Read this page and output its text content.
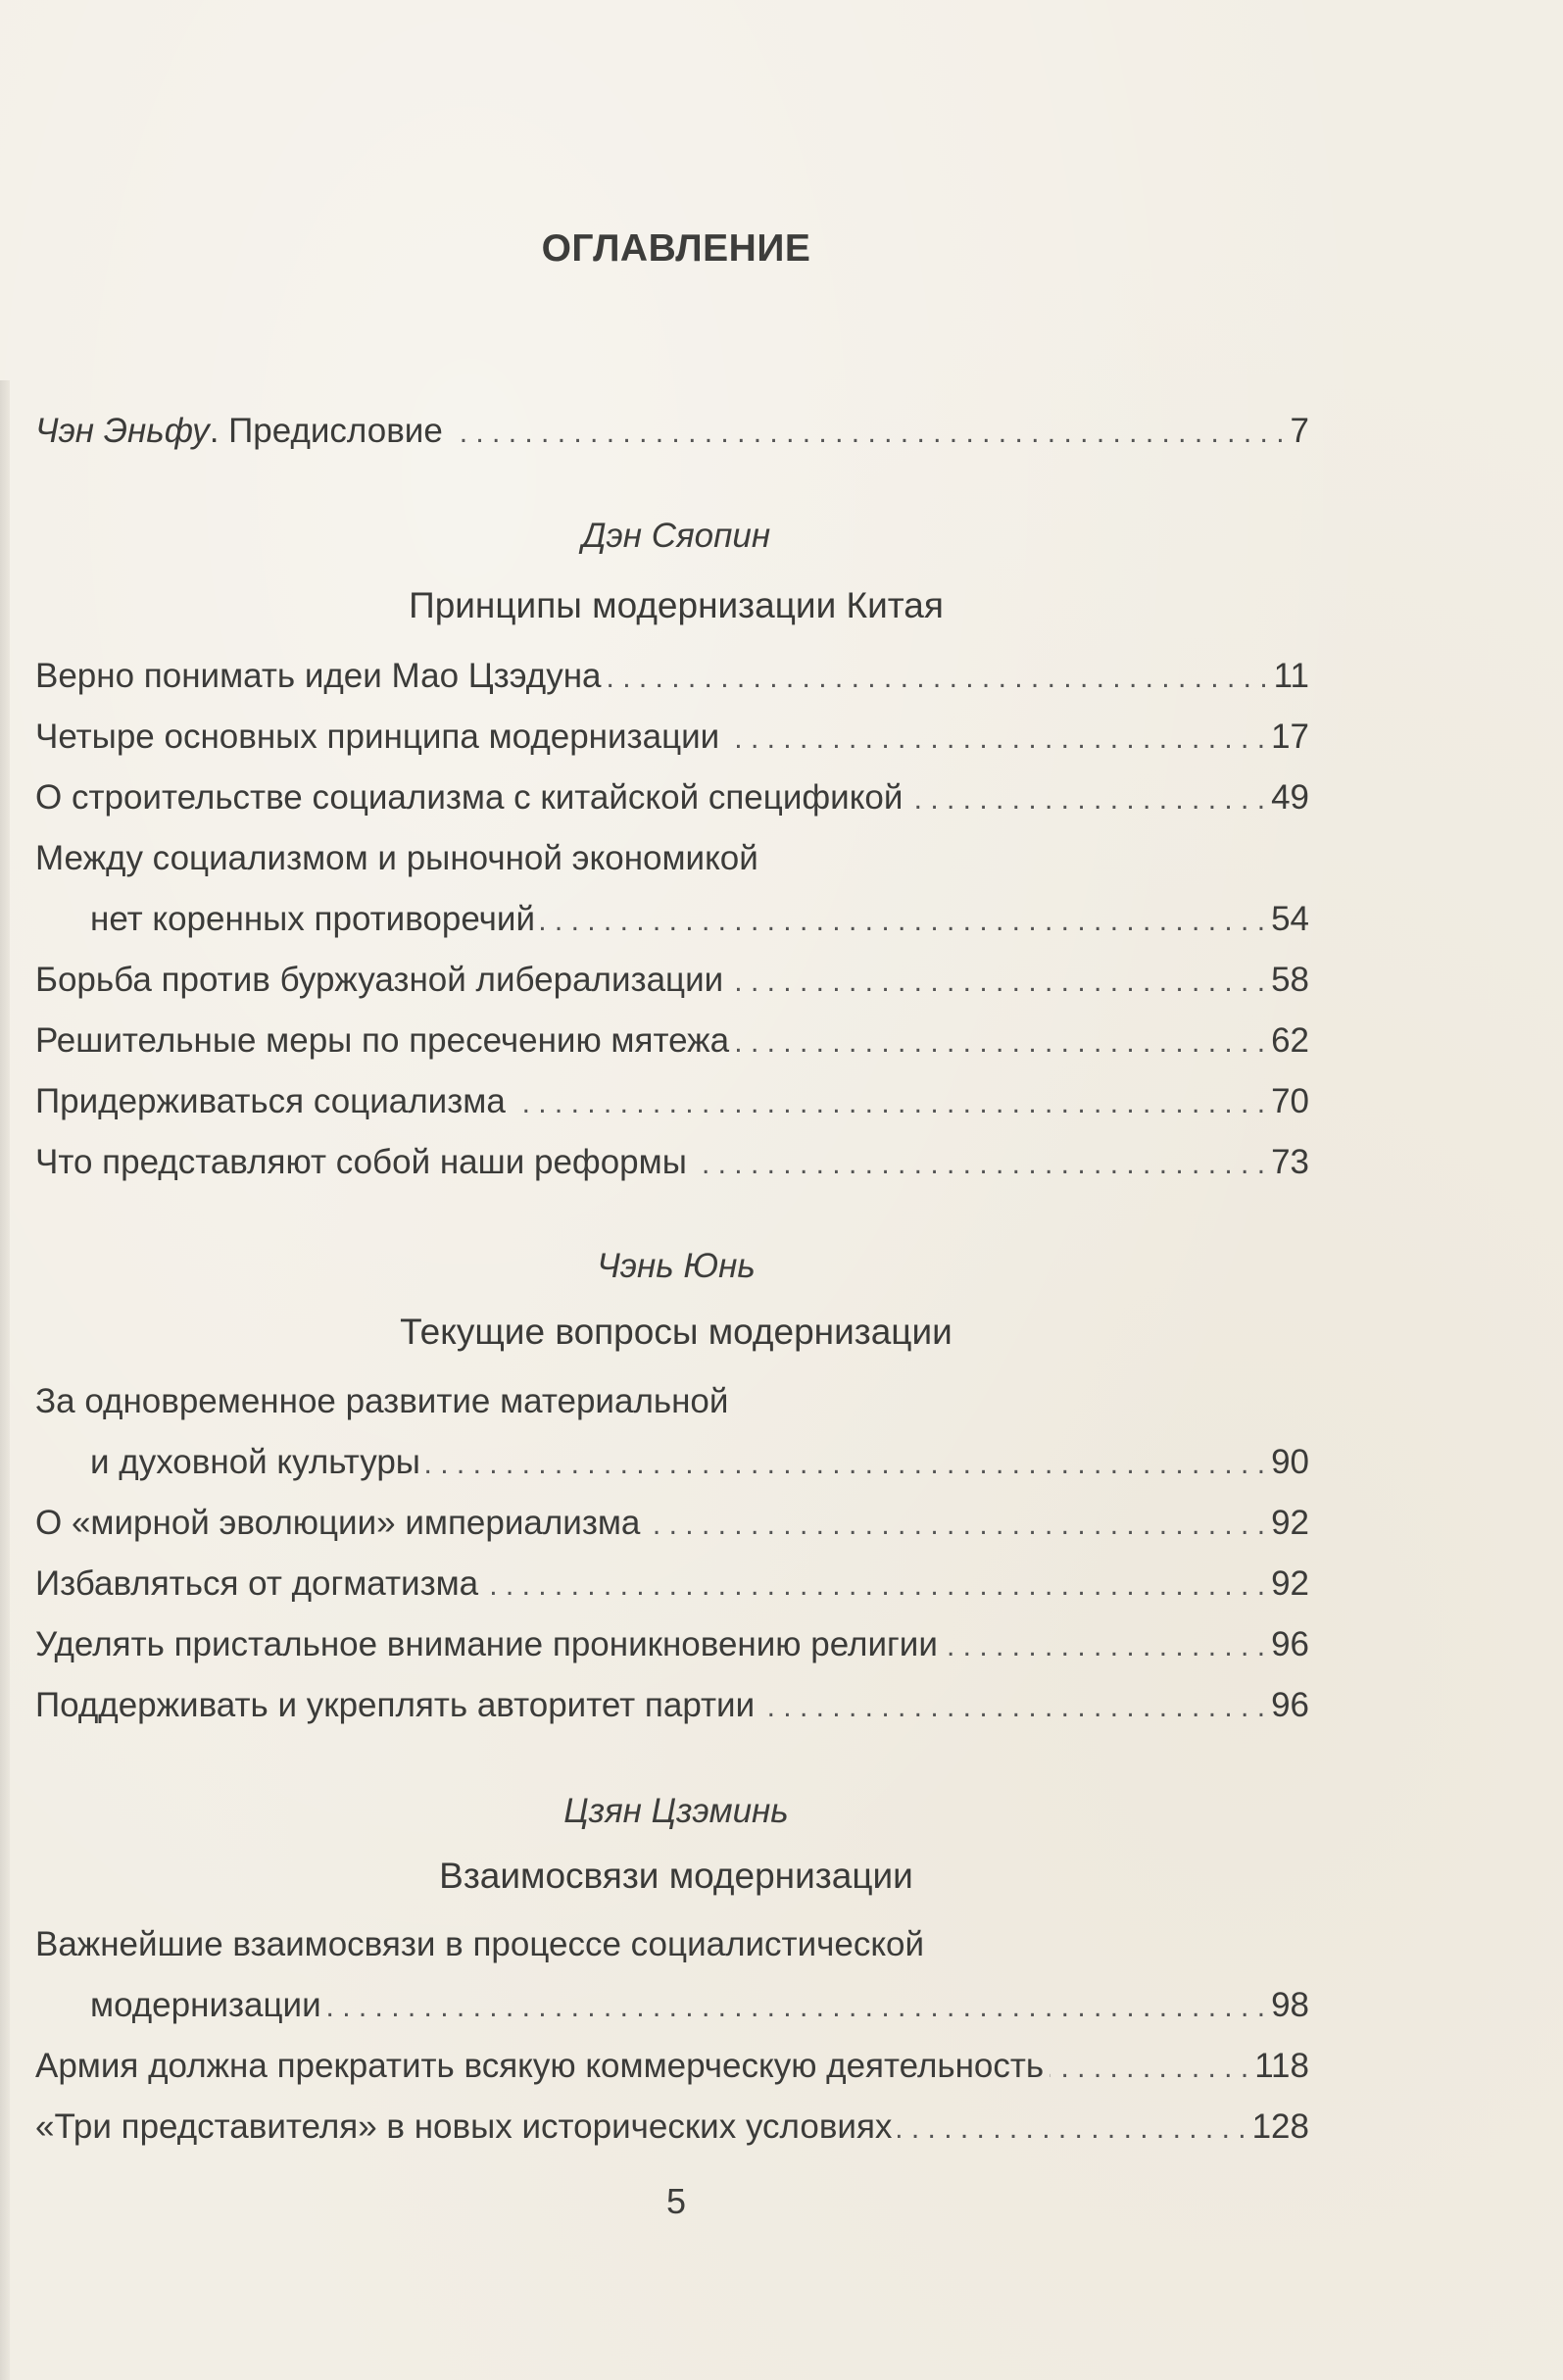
ОГЛАВЛЕНИЕ
Чэн Эньфу. Предисловие . . .	7
Дэн Сяопин
Принципы модернизации Китая
Верно понимать идеи Мао Цзэдуна . . .	11
Четыре основных принципа модернизации . . .	17
О строительстве социализма с китайской спецификой . . .	49
Между социализмом и рыночной экономикой
нет коренных противоречий . . .	54
Борьба против буржуазной либерализации . . .	58
Решительные меры по пресечению мятежа . . .	62
Придерживаться социализма . . .	70
Что представляют собой наши реформы . . .	73
Чэнь Юнь
Текущие вопросы модернизации
За одновременное развитие материальной
и духовной культуры . . .	90
О «мирной эволюции» империализма . . .	92
Избавляться от догматизма . . .	92
Уделять пристальное внимание проникновению религии . . .	96
Поддерживать и укреплять авторитет партии . . .	96
Цзян Цзэминь
Взаимосвязи модернизации
Важнейшие взаимосвязи в процессе социалистической
модернизации . . .	98
Армия должна прекратить всякую коммерческую деятельность . . .	118
«Три представителя» в новых исторических условиях . . .	128
5
